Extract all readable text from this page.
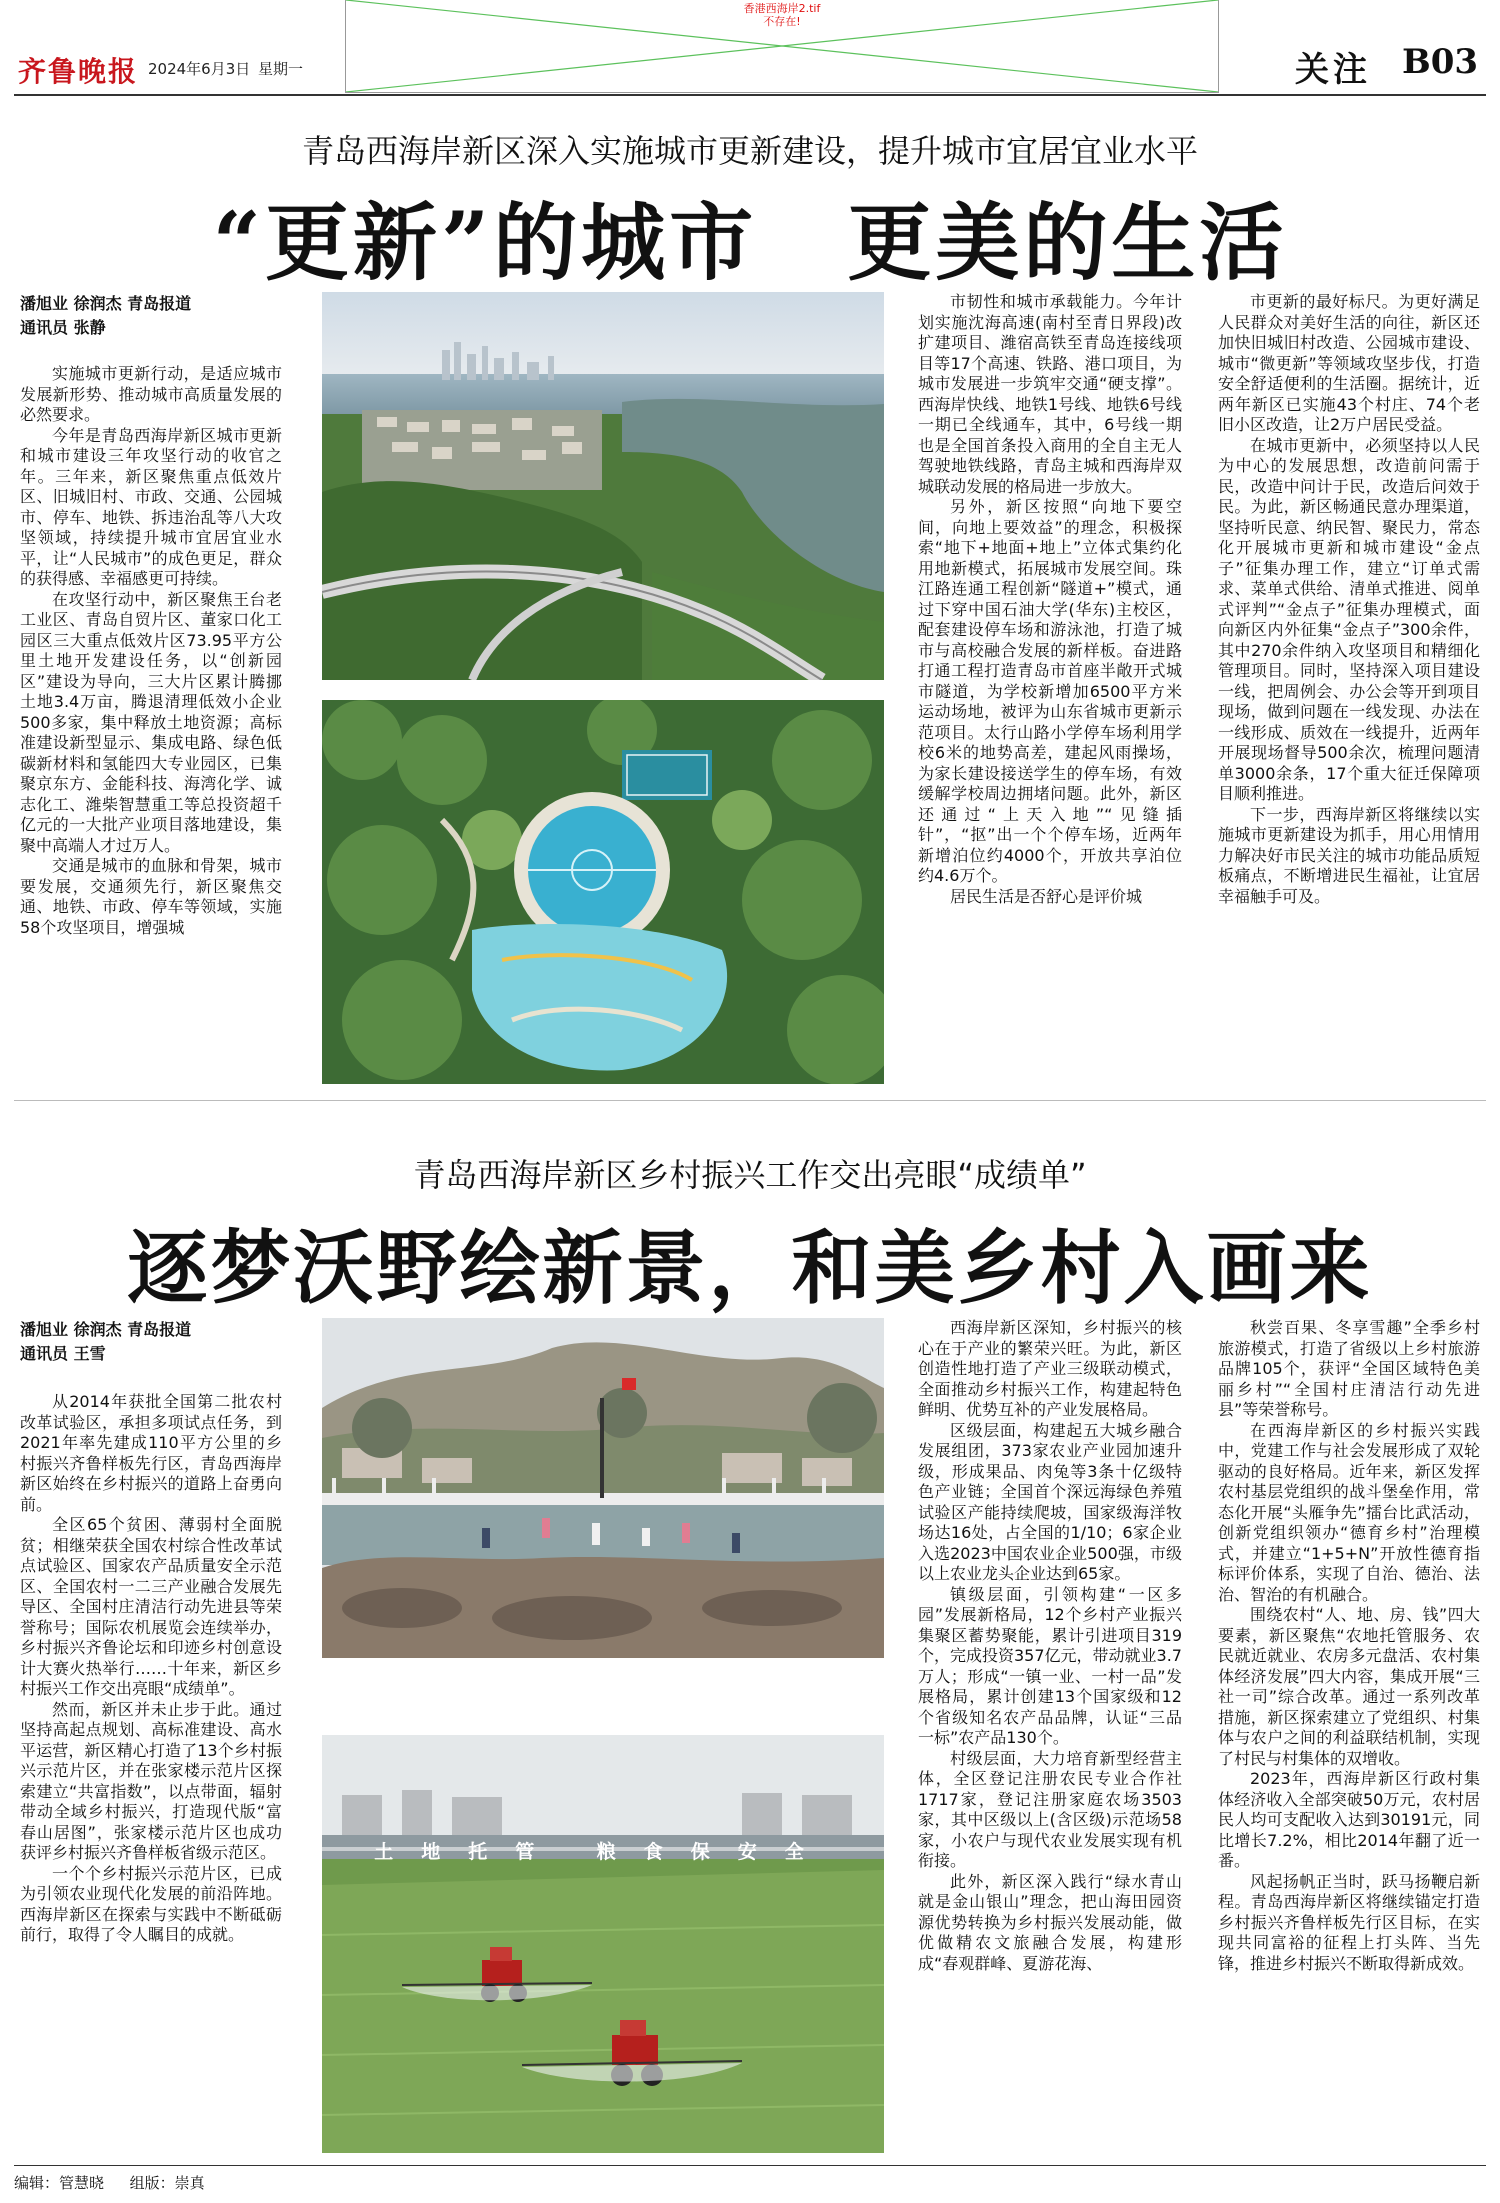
齐鲁晚报 2024年6月3日 星期一
香港西海岸2.tif
不存在!
关注 B03
青岛西海岸新区深入实施城市更新建设，提升城市宜居宜业水平
“更新”的城市 更美的生活
潘旭业 徐润杰 青岛报道
通讯员 张静

实施城市更新行动，是适应城市发展新形势、推动城市高质量发展的必然要求。

今年是青岛西海岸新区城市更新和城市建设三年攻坚行动的收官之年。三年来，新区聚焦重点低效片区、旧城旧村、市政、交通、公园城市、停车、地铁、拆违治乱等八大攻坚领域，持续提升城市宜居宜业水平，让“人民城市”的成色更足，群众的获得感、幸福感更可持续。

在攻坚行动中，新区聚焦王台老工业区、青岛自贸片区、董家口化工园区三大重点低效片区73.95平方公里土地开发建设任务，以“创新园区”建设为导向，三大片区累计腾挪土地3.4万亩，腾退清理低效小企业500多家，集中释放土地资源；高标准建设新型显示、集成电路、绿色低碳新材料和氢能四大专业园区，已集聚京东方、金能科技、海湾化学、诚志化工、潍柴智慧重工等总投资超千亿元的一大批产业项目落地建设，集聚中高端人才过万人。

交通是城市的血脉和骨架，城市要发展，交通须先行，新区聚焦交通、地铁、市政、停车等领域，实施58个攻坚项目，增强城

市韧性和城市承载能力。今年计划实施沈海高速(南村至青日界段)改扩建项目、潍宿高铁至青岛连接线项目等17个高速、铁路、港口项目，为城市发展进一步筑牢交通“硬支撑”。西海岸快线、地铁1号线、地铁6号线一期已全线通车，其中，6号线一期也是全国首条投入商用的全自主无人驾驶地铁线路，青岛主城和西海岸双城联动发展的格局进一步放大。

另外，新区按照“向地下要空间，向地上要效益”的理念，积极探索“地下+地面+地上”立体式集约化用地新模式，拓展城市发展空间。珠江路连通工程创新“隧道+”模式，通过下穿中国石油大学(华东)主校区，配套建设停车场和游泳池，打造了城市与高校融合发展的新样板。奋进路打通工程打造青岛市首座半敞开式城市隧道，为学校新增加6500平方米运动场地，被评为山东省城市更新示范项目。太行山路小学停车场利用学校6米的地势高差，建起风雨操场，为家长建设接送学生的停车场，有效缓解学校周边拥堵问题。此外，新区还通过“上天入地”“见缝插针”，“抠”出一个个停车场，近两年新增泊位约4000个，开放共享泊位约4.6万个。

居民生活是否舒心是评价城

市更新的最好标尺。为更好满足人民群众对美好生活的向往，新区还加快旧城旧村改造、公园城市建设、城市“微更新”等领域攻坚步伐，打造安全舒适便利的生活圈。据统计，近两年新区已实施43个村庄、74个老旧小区改造，让2万户居民受益。

在城市更新中，必须坚持以人民为中心的发展思想，改造前问需于民，改造中问计于民，改造后问效于民。为此，新区畅通民意办理渠道，坚持听民意、纳民智、聚民力，常态化开展城市更新和城市建设“金点子”征集办理工作，建立“订单式需求、菜单式供给、清单式推进、阅单式评判”“金点子”征集办理模式，面向新区内外征集“金点子”300余件，其中270余件纳入攻坚项目和精细化管理项目。同时，坚持深入项目建设一线，把周例会、办公会等开到项目现场，做到问题在一线发现、办法在一线形成、质效在一线提升，近两年开展现场督导500余次，梳理问题清单3000余条，17个重大征迁保障项目顺利推进。

下一步，西海岸新区将继续以实施城市更新建设为抓手，用心用情用力解决好市民关注的城市功能品质短板痛点，不断增进民生福祉，让宜居幸福触手可及。

青岛西海岸新区乡村振兴工作交出亮眼“成绩单”
逐梦沃野绘新景，和美乡村入画来
潘旭业 徐润杰 青岛报道
通讯员 王雪

从2014年获批全国第二批农村改革试验区，承担多项试点任务，到2021年率先建成110平方公里的乡村振兴齐鲁样板先行区，青岛西海岸新区始终在乡村振兴的道路上奋勇向前。

全区65个贫困、薄弱村全面脱贫；相继荣获全国农村综合性改革试点试验区、国家农产品质量安全示范区、全国农村一二三产业融合发展先导区、全国村庄清洁行动先进县等荣誉称号；国际农机展览会连续举办，乡村振兴齐鲁论坛和印迹乡村创意设计大赛火热举行……十年来，新区乡村振兴工作交出亮眼“成绩单”。

然而，新区并未止步于此。通过坚持高起点规划、高标准建设、高水平运营，新区精心打造了13个乡村振兴示范片区，并在张家楼示范片区探索建立“共富指数”，以点带面，辐射带动全域乡村振兴，打造现代版“富春山居图”，张家楼示范片区也成功获评乡村振兴齐鲁样板省级示范区。

一个个乡村振兴示范片区，已成为引领农业现代化发展的前沿阵地。西海岸新区在探索与实践中不断砥砺前行，取得了令人瞩目的成就。

土地托管 粮食保安全

西海岸新区深知，乡村振兴的核心在于产业的繁荣兴旺。为此，新区创造性地打造了产业三级联动模式，全面推动乡村振兴工作，构建起特色鲜明、优势互补的产业发展格局。

区级层面，构建起五大城乡融合发展组团，373家农业产业园加速升级，形成果品、肉兔等3条十亿级特色产业链；全国首个深远海绿色养殖试验区产能持续爬坡，国家级海洋牧场达16处，占全国的1/10；6家企业入选2023中国农业企业500强，市级以上农业龙头企业达到65家。

镇级层面，引领构建“一区多园”发展新格局，12个乡村产业振兴集聚区蓄势聚能，累计引进项目319个，完成投资357亿元，带动就业3.7万人；形成“一镇一业、一村一品”发展格局，累计创建13个国家级和12个省级知名农产品品牌，认证“三品一标”农产品130个。

村级层面，大力培育新型经营主体，全区登记注册农民专业合作社1717家，登记注册家庭农场3503家，其中区级以上(含区级)示范场58家，小农户与现代农业发展实现有机衔接。

此外，新区深入践行“绿水青山就是金山银山”理念，把山海田园资源优势转换为乡村振兴发展动能，做优做精农文旅融合发展，构建形成“春观群峰、夏游花海、

秋尝百果、冬享雪趣”全季乡村旅游模式，打造了省级以上乡村旅游品牌105个，获评“全国区域特色美丽乡村”“全国村庄清洁行动先进县”等荣誉称号。

在西海岸新区的乡村振兴实践中，党建工作与社会发展形成了双轮驱动的良好格局。近年来，新区发挥农村基层党组织的战斗堡垒作用，常态化开展“头雁争先”擂台比武活动，创新党组织领办“德育乡村”治理模式，并建立“1+5+N”开放性德育指标评价体系，实现了自治、德治、法治、智治的有机融合。

围绕农村“人、地、房、钱”四大要素，新区聚焦“农地托管服务、农民就近就业、农房多元盘活、农村集体经济发展”四大内容，集成开展“三社一司”综合改革。通过一系列改革措施，新区探索建立了党组织、村集体与农户之间的利益联结机制，实现了村民与村集体的双增收。

2023年，西海岸新区行政村集体经济收入全部突破50万元，农村居民人均可支配收入达到30191元，同比增长7.2%，相比2014年翻了近一番。

风起扬帆正当时，跃马扬鞭启新程。青岛西海岸新区将继续锚定打造乡村振兴齐鲁样板先行区目标，在实现共同富裕的征程上打头阵、当先锋，推进乡村振兴不断取得新成效。

编辑：管慧晓 组版：崇真
